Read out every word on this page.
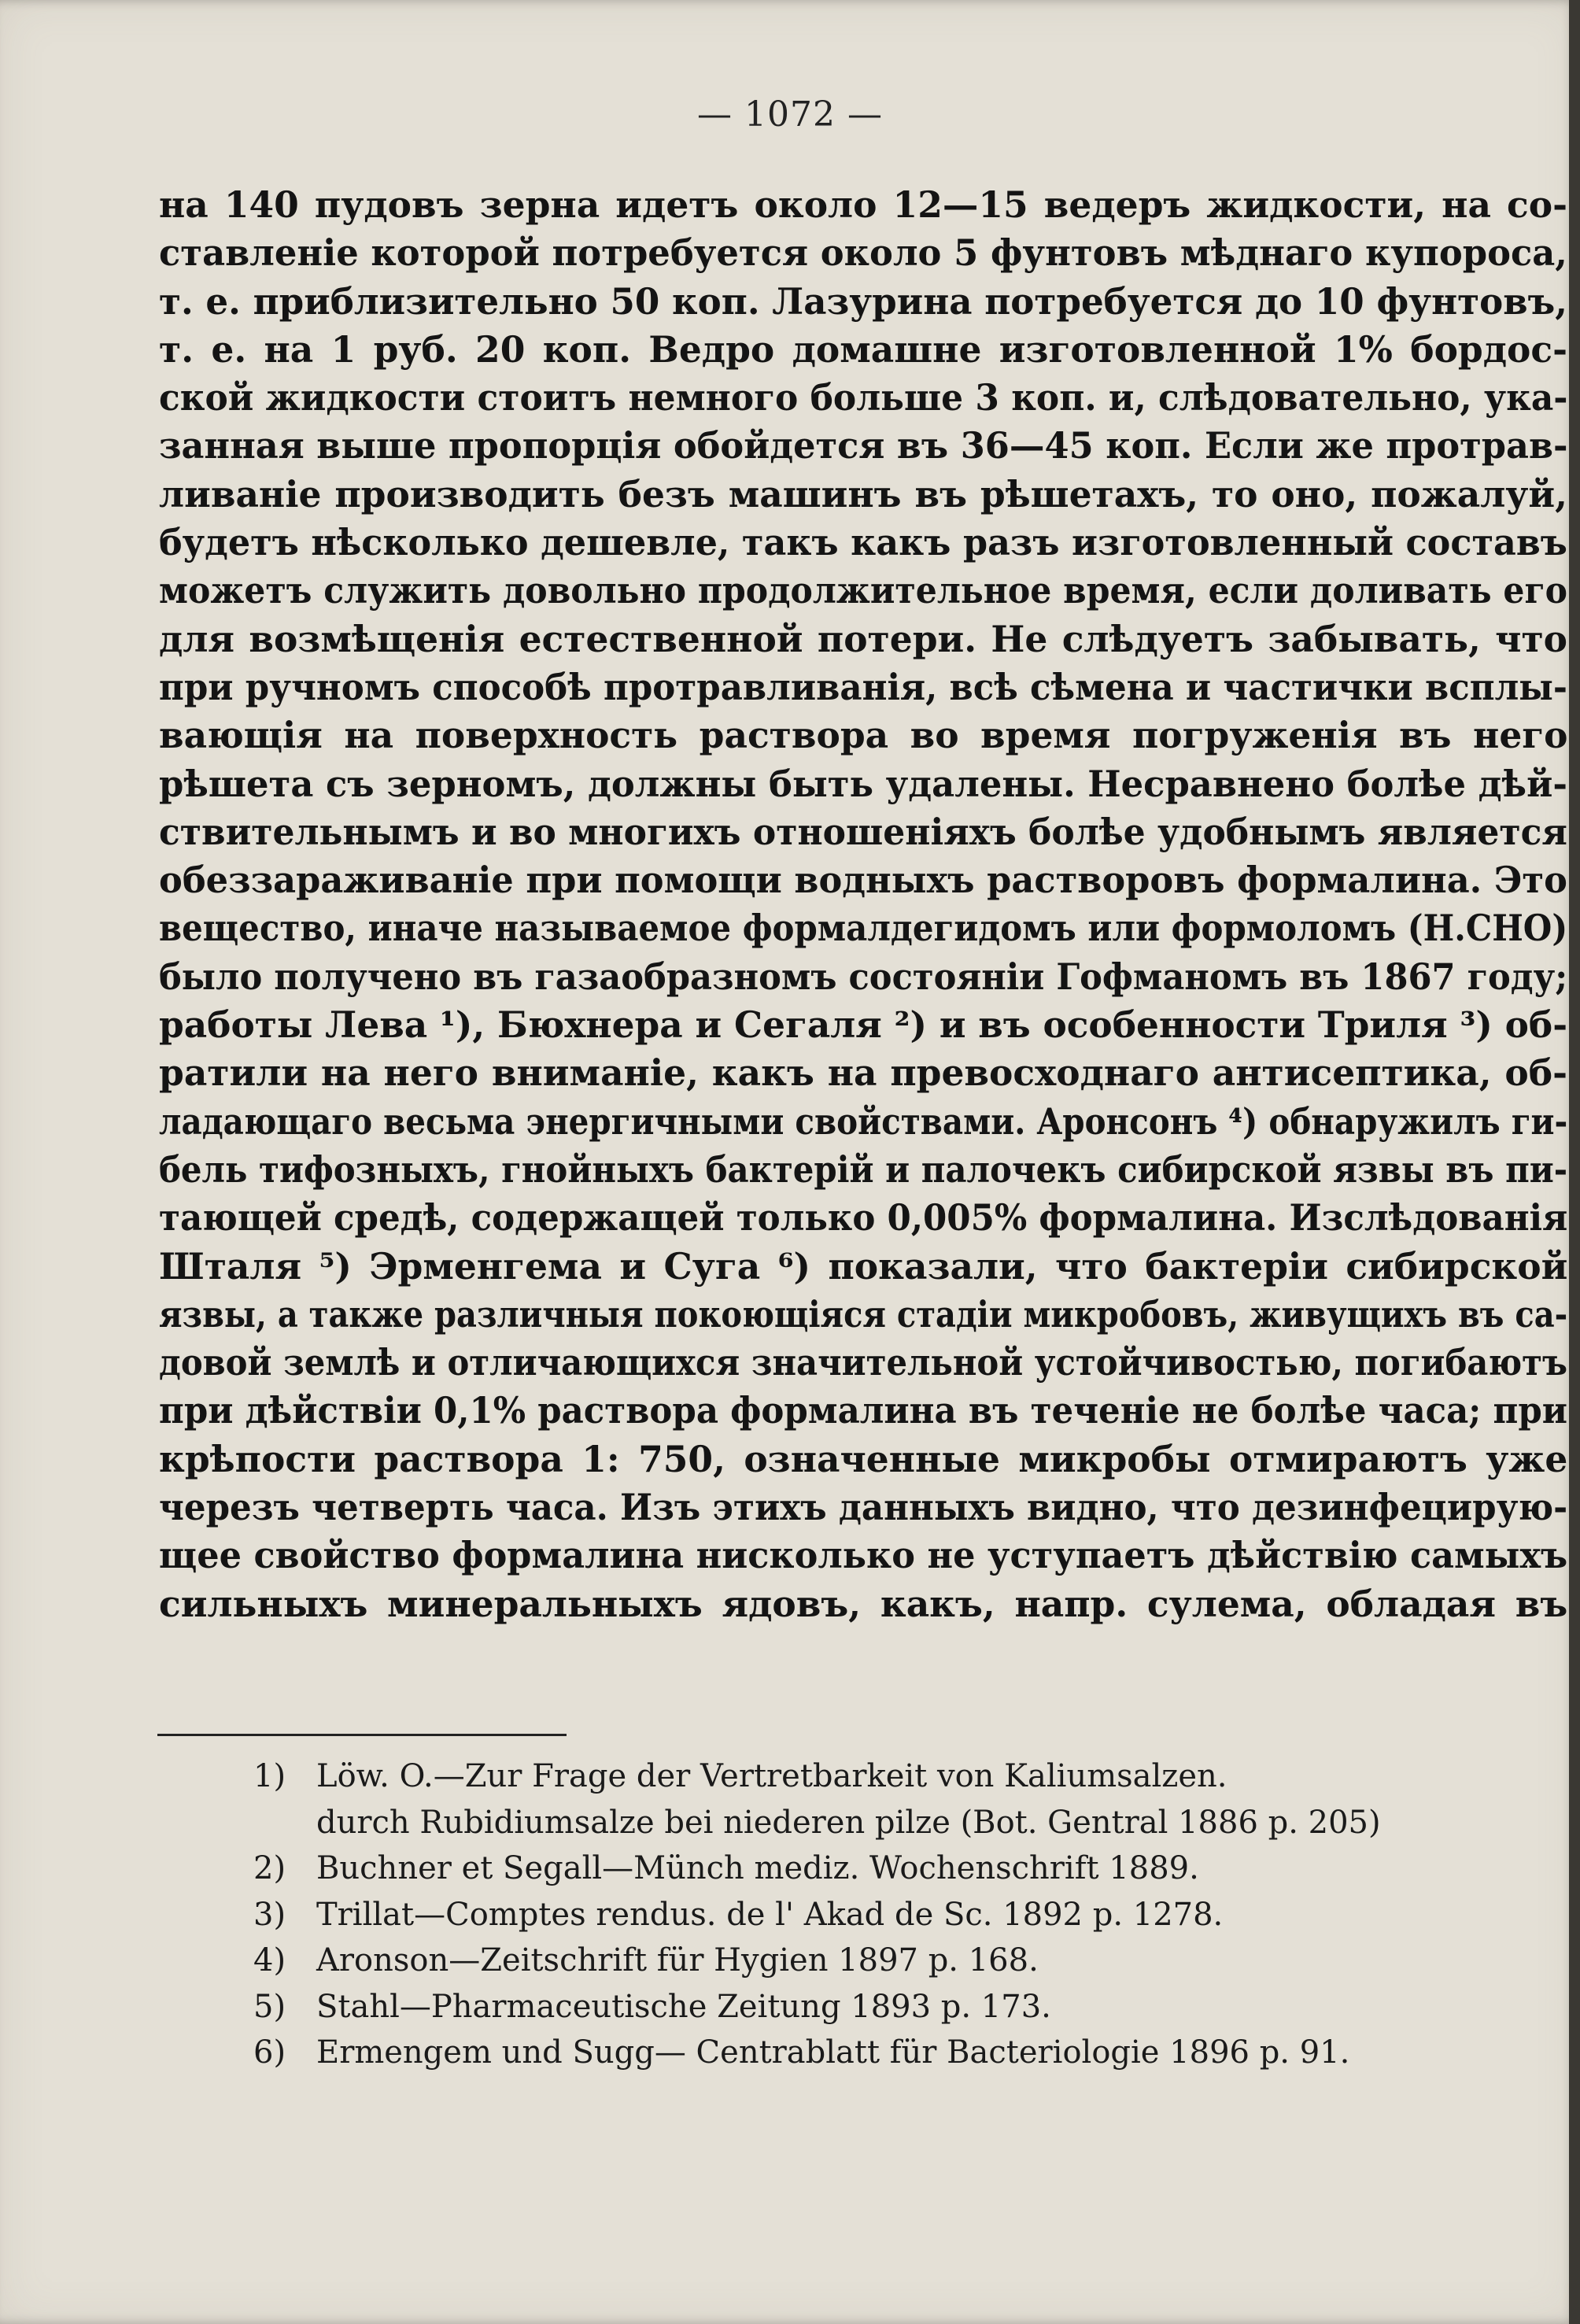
— 1072 —
на 140 пудовъ зерна идетъ около 12—15 ведеръ жидкости, на со-
ставленіе которой потребуется около 5 фунтовъ мѣднаго купороса,
т. е. приблизительно 50 коп. Лазурина потребуется до 10 фунтовъ,
т. е. на 1 руб. 20 коп. Ведро домашне изготовленной 1% бордос-
ской жидкости стоитъ немного больше 3 коп. и, слѣдовательно, ука-
занная выше пропорція обойдется въ 36—45 коп. Если же протрав-
ливаніе производить безъ машинъ въ рѣшетахъ, то оно, пожалуй,
будетъ нѣсколько дешевле, такъ какъ разъ изготовленный составъ
можетъ служить довольно продолжительное время, если доливать его
для возмѣщенія естественной потери. Не слѣдуетъ забывать, что
при ручномъ способѣ протравливанія, всѣ сѣмена и частички всплы-
вающія на поверхность раствора во время погруженія въ него
рѣшета съ зерномъ, должны быть удалены. Несравнено болѣе дѣй-
ствительнымъ и во многихъ отношеніяхъ болѣе удобнымъ является
обеззараживаніе при помощи водныхъ растворовъ формалина. Это
вещество, иначе называемое формалдегидомъ или формоломъ (Н.СНО)
было получено въ газаобразномъ состояніи Гофманомъ въ 1867 году;
работы Лева ¹), Бюхнера и Сегаля ²) и въ особенности Триля ³) об-
ратили на него вниманіе, какъ на превосходнаго антисептика, об-
ладающаго весьма энергичными свойствами. Аронсонъ ⁴) обнаружилъ ги-
бель тифозныхъ, гнойныхъ бактерій и палочекъ сибирской язвы въ пи-
тающей средѣ, содержащей только 0,005% формалина. Изслѣдованія
Шталя ⁵) Эрменгема и Суга ⁶) показали, что бактеріи сибирской
язвы, а также различныя покоющіяся стадіи микробовъ, живущихъ въ са-
довой землѣ и отличающихся значительной устойчивостью, погибаютъ
при дѣйствіи 0,1% раствора формалина въ теченіе не болѣе часа; при
крѣпости раствора 1: 750, означенные микробы отмираютъ уже
черезъ четверть часа. Изъ этихъ данныхъ видно, что дезинфецирую-
щее свойство формалина нисколько не уступаетъ дѣйствію самыхъ
сильныхъ минеральныхъ ядовъ, какъ, напр. сулема, обладая въ
1) Löw. O.—Zur Frage der Vertretbarkeit von Kaliumsalzen.
durch Rubidiumsalze bei niederen pilze (Bot. Gentral 1886 p. 205)
2) Buchner et Segall—Münch mediz. Wochenschrift 1889.
3) Trillat—Comptes rendus. de l' Akad de Sc. 1892 p. 1278.
4) Aronson—Zeitschrift für Hygien 1897 p. 168.
5) Stahl—Pharmaceutische Zeitung 1893 p. 173.
6) Ermengem und Sugg— Centrablatt für Bacteriologie 1896 p. 91.
